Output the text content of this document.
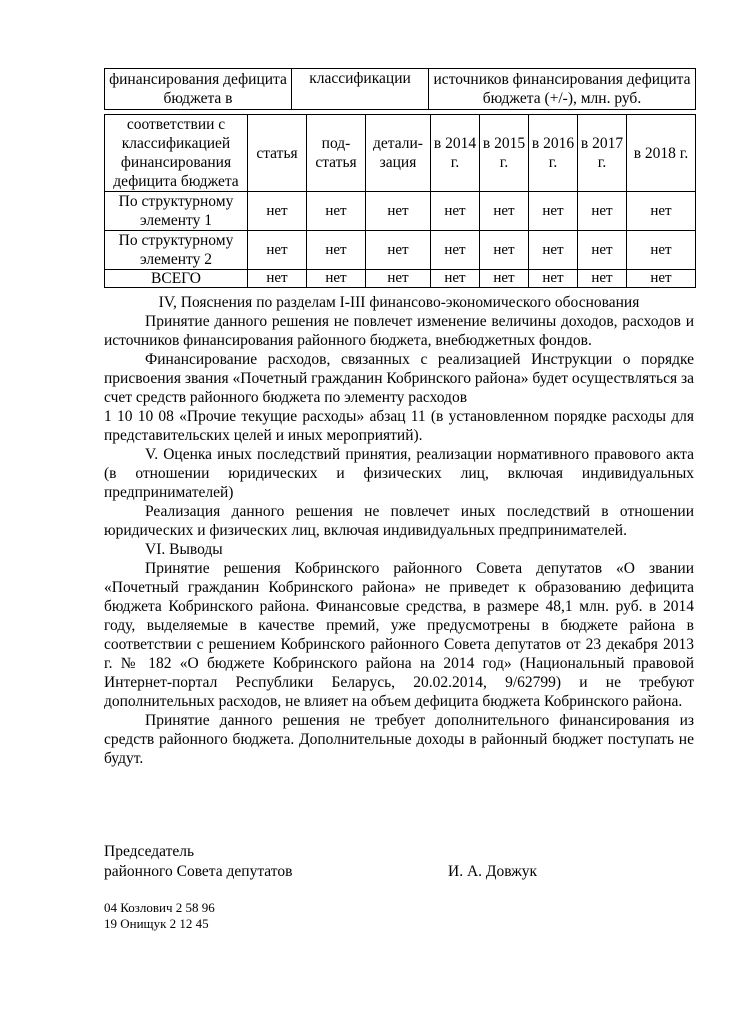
финансирования дефицита бюджета в	классификации	источников финансирования дефицита бюджета (+/-), млн. руб.
соответствии с классификацией финансирования дефицита бюджета	статья	под-статья	детали-зация	в 2014 г.	в 2015 г.	в 2016 г.	в 2017 г.	в 2018 г.
По структурному элементу 1	нет	нет	нет	нет	нет	нет	нет	нет
По структурному элементу 2	нет	нет	нет	нет	нет	нет	нет	нет
ВСЕГО	нет	нет	нет	нет	нет	нет	нет	нет

IV, Пояснения по разделам I-III финансово-экономического обоснования

Принятие данного решения не повлечет изменение величины доходов, расходов и источников финансирования районного бюджета, внебюджетных фондов.

Финансирование расходов, связанных с реализацией Инструкции о порядке присвоения звания «Почетный гражданин Кобринского района» будет осуществляться за счет средств районного бюджета по элементу расходов

1 10 10 08 «Прочие текущие расходы» абзац 11 (в установленном порядке расходы для представительских целей и иных мероприятий).

V. Оценка иных последствий принятия, реализации нормативного правового акта (в отношении юридических и физических лиц, включая индивидуальных предпринимателей)

Реализация данного решения не повлечет иных последствий в отношении юридических и физических лиц, включая индивидуальных предпринимателей.

VI. Выводы

Принятие решения Кобринского районного Совета депутатов «О звании «Почетный гражданин Кобринского района» не приведет к образованию дефицита бюджета Кобринского района. Финансовые средства, в размере 48,1 млн. руб. в 2014 году, выделяемые в качестве премий, уже предусмотрены в бюджете района в соответствии с решением Кобринского районного Совета депутатов от 23 декабря 2013 г. № 182 «О бюджете Кобринского района на 2014 год» (Национальный правовой Интернет-портал Республики Беларусь, 20.02.2014, 9/62799) и не требуют дополнительных расходов, не влияет на объем дефицита бюджета Кобринского района.

Принятие данного решения не требует дополнительного финансирования из средств районного бюджета. Дополнительные доходы в районный бюджет поступать не будут.

Председатель
районного Совета депутатов	И. А. Довжук
04 Козлович 2 58 96
19 Онищук 2 12 45
